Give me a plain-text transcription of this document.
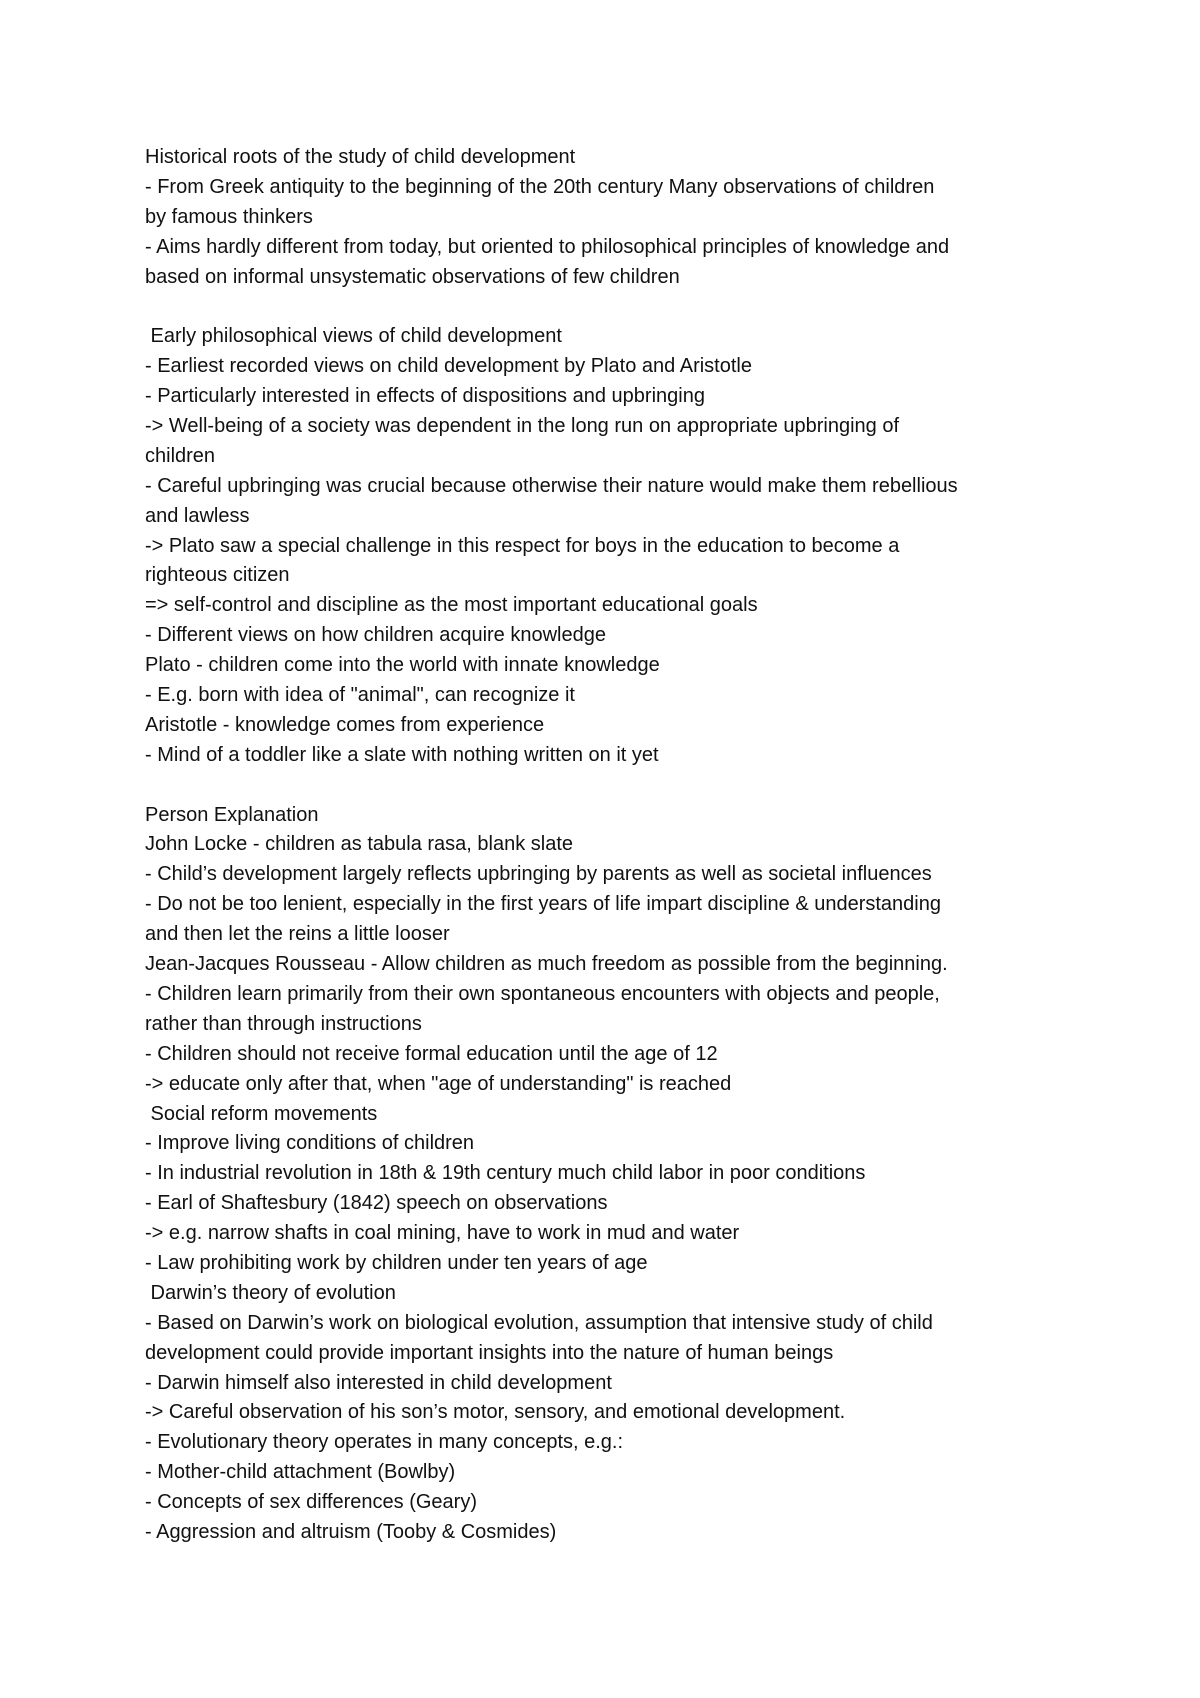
Historical roots of the study of child development
- From Greek antiquity to the beginning of the 20th century Many observations of children
by famous thinkers
- Aims hardly different from today, but oriented to philosophical principles of knowledge and
based on informal unsystematic observations of few children
Early philosophical views of child development
- Earliest recorded views on child development by Plato and Aristotle
- Particularly interested in effects of dispositions and upbringing
-> Well-being of a society was dependent in the long run on appropriate upbringing of
children
- Careful upbringing was crucial because otherwise their nature would make them rebellious
and lawless
-> Plato saw a special challenge in this respect for boys in the education to become a
righteous citizen
=> self-control and discipline as the most important educational goals
- Different views on how children acquire knowledge
Plato - children come into the world with innate knowledge
- E.g. born with idea of "animal", can recognize it
Aristotle - knowledge comes from experience
- Mind of a toddler like a slate with nothing written on it yet
Person Explanation
John Locke - children as tabula rasa, blank slate
- Child’s development largely reflects upbringing by parents as well as societal influences
- Do not be too lenient, especially in the first years of life impart discipline & understanding
and then let the reins a little looser
Jean-Jacques Rousseau - Allow children as much freedom as possible from the beginning.
- Children learn primarily from their own spontaneous encounters with objects and people,
rather than through instructions
- Children should not receive formal education until the age of 12
-> educate only after that, when "age of understanding" is reached
Social reform movements
- Improve living conditions of children
- In industrial revolution in 18th & 19th century much child labor in poor conditions
- Earl of Shaftesbury (1842) speech on observations
-> e.g. narrow shafts in coal mining, have to work in mud and water
- Law prohibiting work by children under ten years of age
Darwin’s theory of evolution
- Based on Darwin’s work on biological evolution, assumption that intensive study of child
development could provide important insights into the nature of human beings
- Darwin himself also interested in child development
-> Careful observation of his son’s motor, sensory, and emotional development.
- Evolutionary theory operates in many concepts, e.g.:
- Mother-child attachment (Bowlby)
- Concepts of sex differences (Geary)
- Aggression and altruism (Tooby & Cosmides)
